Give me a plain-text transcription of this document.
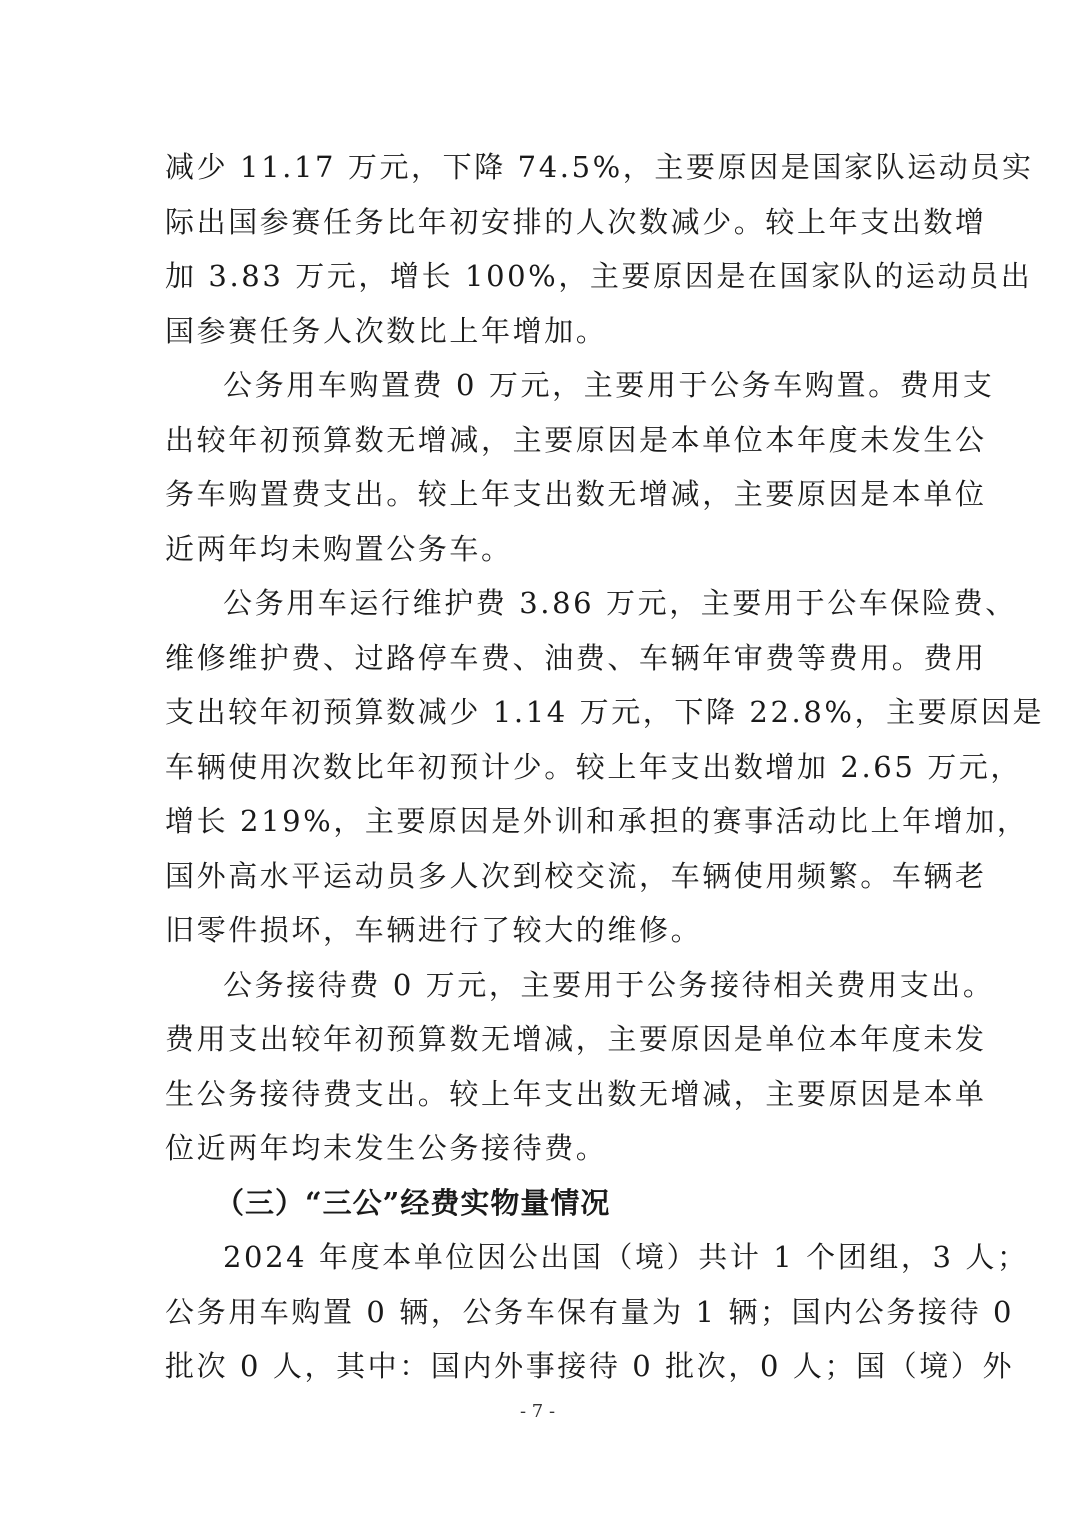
减少 11.17 万元，下降 74.5%，主要原因是国家队运动员实
际出国参赛任务比年初安排的人次数减少。较上年支出数增
加 3.83 万元，增长 100%，主要原因是在国家队的运动员出
国参赛任务人次数比上年增加。
公务用车购置费 0 万元，主要用于公务车购置。费用支
出较年初预算数无增减，主要原因是本单位本年度未发生公
务车购置费支出。较上年支出数无增减，主要原因是本单位
近两年均未购置公务车。
公务用车运行维护费 3.86 万元，主要用于公车保险费、
维修维护费、过路停车费、油费、车辆年审费等费用。费用
支出较年初预算数减少 1.14 万元，下降 22.8%，主要原因是
车辆使用次数比年初预计少。较上年支出数增加 2.65 万元，
增长 219%，主要原因是外训和承担的赛事活动比上年增加，
国外高水平运动员多人次到校交流，车辆使用频繁。车辆老
旧零件损坏，车辆进行了较大的维修。
公务接待费 0 万元，主要用于公务接待相关费用支出。
费用支出较年初预算数无增减，主要原因是单位本年度未发
生公务接待费支出。较上年支出数无增减，主要原因是本单
位近两年均未发生公务接待费。
（三）“三公”经费实物量情况
2024 年度本单位因公出国（境）共计 1 个团组，3 人；
公务用车购置 0 辆，公务车保有量为 1 辆；国内公务接待 0
批次 0 人，其中：国内外事接待 0 批次，0 人；国（境）外
- 7 -
